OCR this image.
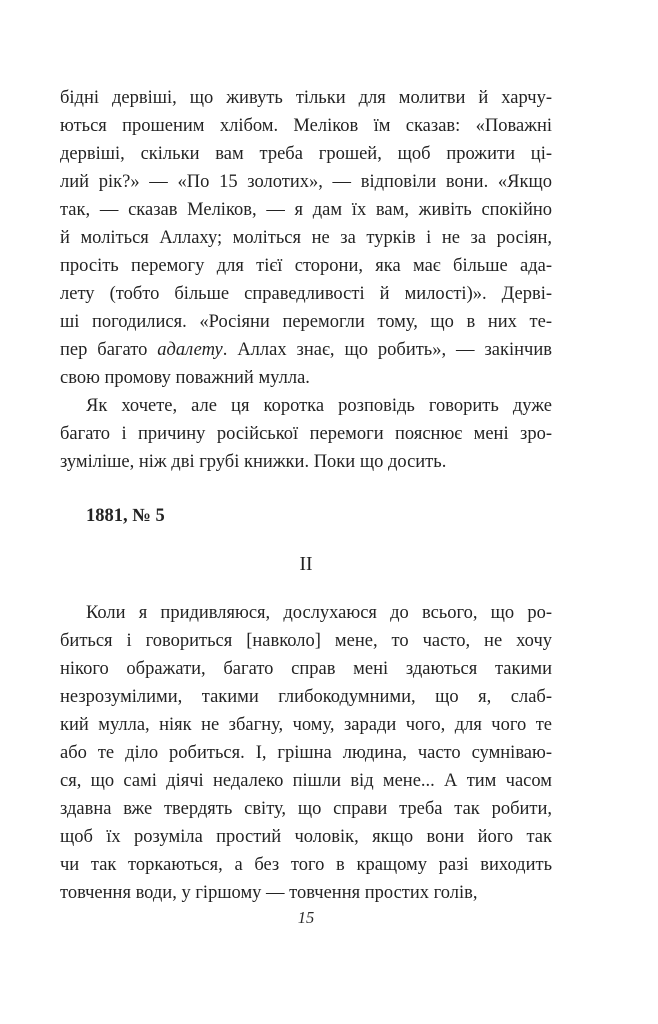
бідні дервіші, що живуть тільки для молитви й харчу-
ються прошеним хлібом. Меліков їм сказав: «Поважні
дервіші, скільки вам треба грошей, щоб прожити ці-
лий рік?» — «По 15 золотих», — відповіли вони. «Якщо
так, — сказав Меліков, — я дам їх вам, живіть спокійно
й моліться Аллаху; моліться не за турків і не за росіян,
просіть перемогу для тієї сторони, яка має більше ада-
лету (тобто більше справедливості й милості)». Дерві-
ші погодилися. «Росіяни перемогли тому, що в них те-
пер багато адалету. Аллах знає, що робить», — закінчив
свою промову поважний мулла.
Як хочете, але ця коротка розповідь говорить дуже
багато і причину російської перемоги пояснює мені зро-
зуміліше, ніж дві грубі книжки. Поки що досить.
1881, № 5
II
Коли я придивляюся, дослухаюся до всього, що ро-
биться і говориться [навколо] мене, то часто, не хочу
нікого ображати, багато справ мені здаються такими
незрозумілими, такими глибокодумними, що я, слаб-
кий мулла, ніяк не збагну, чому, заради чого, для чого те
або те діло робиться. І, грішна людина, часто сумніваю-
ся, що самі діячі недалеко пішли від мене... А тим часом
здавна вже твердять світу, що справи треба так робити,
щоб їх розуміла простий чоловік, якщо вони його так
чи так торкаються, а без того в кращому разі виходить
товчення води, у гіршому — товчення простих голів,
15
